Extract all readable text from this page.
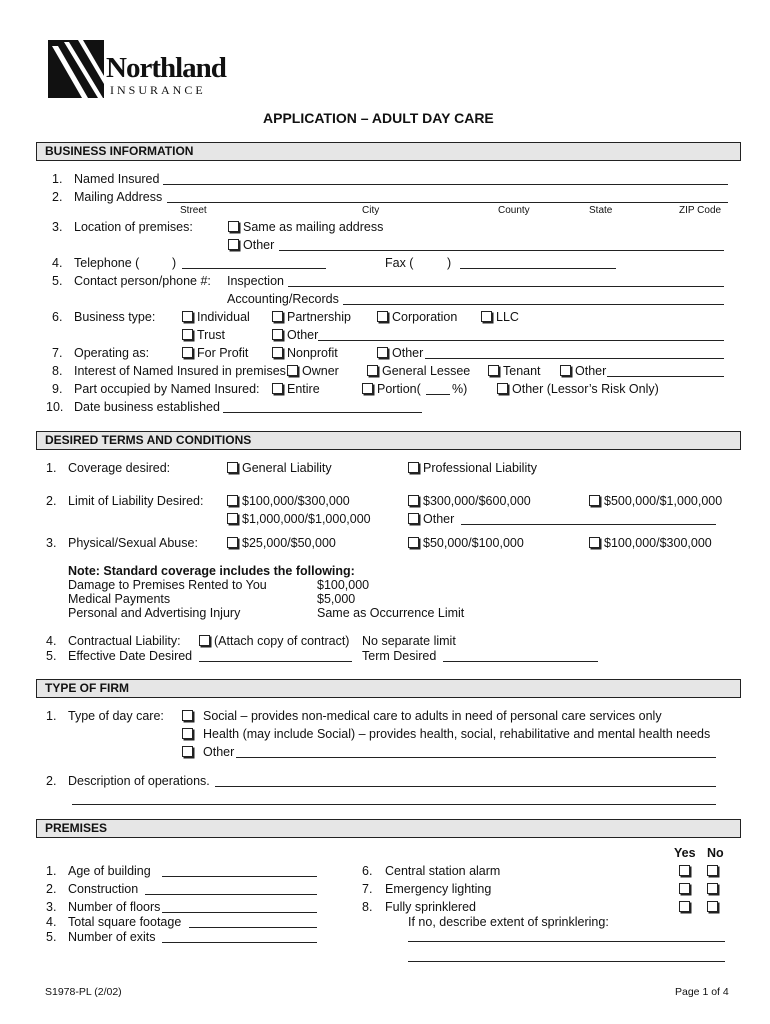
Northland
INSURANCE
APPLICATION – ADULT DAY CARE
BUSINESS INFORMATION
1. Named Insured
2. Mailing Address
Street	City	County	State	ZIP Code
3. Location of premises:	Same as mailing address
Other
4. Telephone (	)	Fax (	)
5. Contact person/phone #: Inspection
Accounting/Records
6. Business type:	Individual	Partnership	Corporation	LLC
Trust	Other
7. Operating as:	For Profit	Nonprofit	Other
8. Interest of Named Insured in premises:	Owner	General Lessee	Tenant	Other
9. Part occupied by Named Insured:	Entire	Portion( %)	Other (Lessor’s Risk Only)
10. Date business established
DESIRED TERMS AND CONDITIONS
1. Coverage desired:	General Liability	Professional Liability
2. Limit of Liability Desired:	$100,000/$300,000	$300,000/$600,000	$500,000/$1,000,000
$1,000,000/$1,000,000	Other
3. Physical/Sexual Abuse:	$25,000/$50,000	$50,000/$100,000	$100,000/$300,000
Note: Standard coverage includes the following:
Damage to Premises Rented to You	$100,000
Medical Payments	$5,000
Personal and Advertising Injury	Same as Occurrence Limit
4. Contractual Liability:	(Attach copy of contract) No separate limit
5. Effective Date Desired	Term Desired
TYPE OF FIRM
1. Type of day care:	Social – provides non-medical care to adults in need of personal care services only
Health (may include Social) – provides health, social, rehabilitative and mental health needs
Other
2. Description of operations.
PREMISES
Yes No
1. Age of building
2. Construction
3. Number of floors
4. Total square footage
5. Number of exits
6. Central station alarm
7. Emergency lighting
8. Fully sprinklered
If no, describe extent of sprinklering:
S1978-PL (2/02)	Page 1 of 4
